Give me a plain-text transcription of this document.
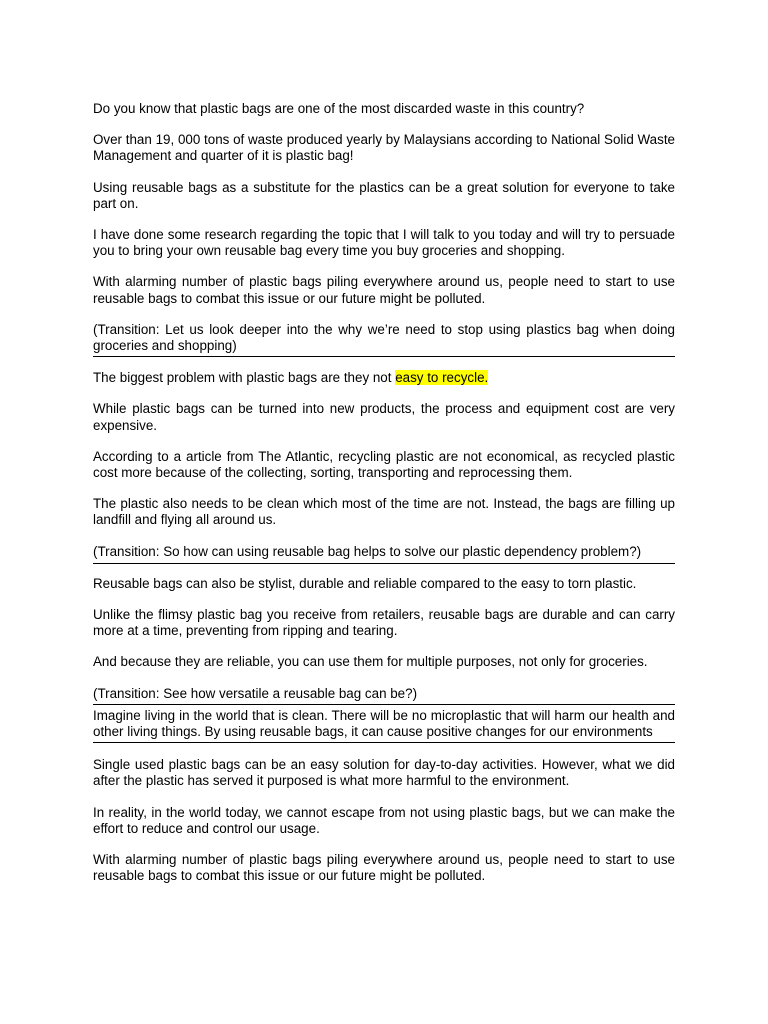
Do you know that plastic bags are one of the most discarded waste in this country?

Over than 19, 000 tons of waste produced yearly by Malaysians according to National Solid Waste Management and quarter of it is plastic bag!

Using reusable bags as a substitute for the plastics can be a great solution for everyone to take part on.

I have done some research regarding the topic that I will talk to you today and will try to persuade you to bring your own reusable bag every time you buy groceries and shopping.

With alarming number of plastic bags piling everywhere around us, people need to start to use reusable bags to combat this issue or our future might be polluted.

(Transition: Let us look deeper into the why we’re need to stop using plastics bag when doing groceries and shopping)

The biggest problem with plastic bags are they not easy to recycle.

While plastic bags can be turned into new products, the process and equipment cost are very expensive.

According to a article from The Atlantic, recycling plastic are not economical, as recycled plastic cost more because of the collecting, sorting, transporting and reprocessing them.

The plastic also needs to be clean which most of the time are not. Instead, the bags are filling up landfill and flying all around us.

(Transition: So how can using reusable bag helps to solve our plastic dependency problem?)

Reusable bags can also be stylist, durable and reliable compared to the easy to torn plastic.

Unlike the flimsy plastic bag you receive from retailers, reusable bags are durable and can carry more at a time, preventing from ripping and tearing.

And because they are reliable, you can use them for multiple purposes, not only for groceries.

(Transition: See how versatile a reusable bag can be?)

Imagine living in the world that is clean. There will be no microplastic that will harm our health and other living things. By using reusable bags, it can cause positive changes for our environments

Single used plastic bags can be an easy solution for day-to-day activities. However, what we did after the plastic has served it purposed is what more harmful to the environment.

In reality, in the world today, we cannot escape from not using plastic bags, but we can make the effort to reduce and control our usage.

With alarming number of plastic bags piling everywhere around us, people need to start to use reusable bags to combat this issue or our future might be polluted.
